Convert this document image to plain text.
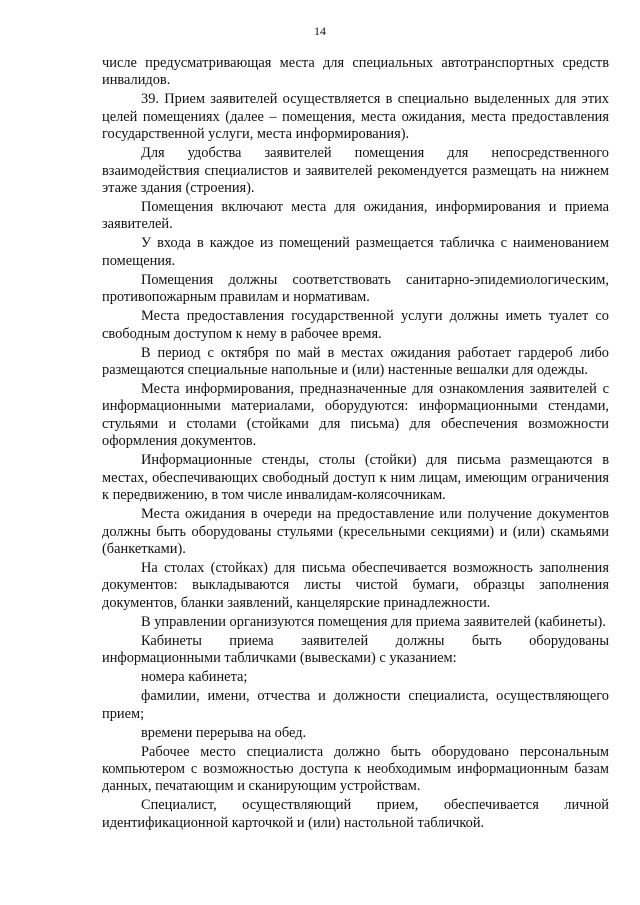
14

числе предусматривающая места для специальных автотранспортных средств инвалидов.

39. Прием заявителей осуществляется в специально выделенных для этих целей помещениях (далее – помещения, места ожидания, места предоставления государственной услуги, места информирования).

Для удобства заявителей помещения для непосредственного взаимодействия специалистов и заявителей рекомендуется размещать на нижнем этаже здания (строения).

Помещения включают места для ожидания, информирования и приема заявителей.

У входа в каждое из помещений размещается табличка с наименованием помещения.

Помещения должны соответствовать санитарно-эпидемиологическим, противопожарным правилам и нормативам.

Места предоставления государственной услуги должны иметь туалет со свободным доступом к нему в рабочее время.

В период с октября по май в местах ожидания работает гардероб либо размещаются специальные напольные и (или) настенные вешалки для одежды.

Места информирования, предназначенные для ознакомления заявителей с информационными материалами, оборудуются: информационными стендами, стульями и столами (стойками для письма) для обеспечения возможности оформления документов.

Информационные стенды, столы (стойки) для письма размещаются в местах, обеспечивающих свободный доступ к ним лицам, имеющим ограничения к передвижению, в том числе инвалидам-колясочникам.

Места ожидания в очереди на предоставление или получение документов должны быть оборудованы стульями (кресельными секциями) и (или) скамьями (банкетками).

На столах (стойках) для письма обеспечивается возможность заполнения документов: выкладываются листы чистой бумаги, образцы заполнения документов, бланки заявлений, канцелярские принадлежности.

В управлении организуются помещения для приема заявителей (кабинеты).

Кабинеты приема заявителей должны быть оборудованы информационными табличками (вывесками) с указанием:

номера кабинета;

фамилии, имени, отчества и должности специалиста, осуществляющего прием;

времени перерыва на обед.

Рабочее место специалиста должно быть оборудовано персональным компьютером с возможностью доступа к необходимым информационным базам данных, печатающим и сканирующим устройствам.

Специалист, осуществляющий прием, обеспечивается личной идентификационной карточкой и (или) настольной табличкой.
